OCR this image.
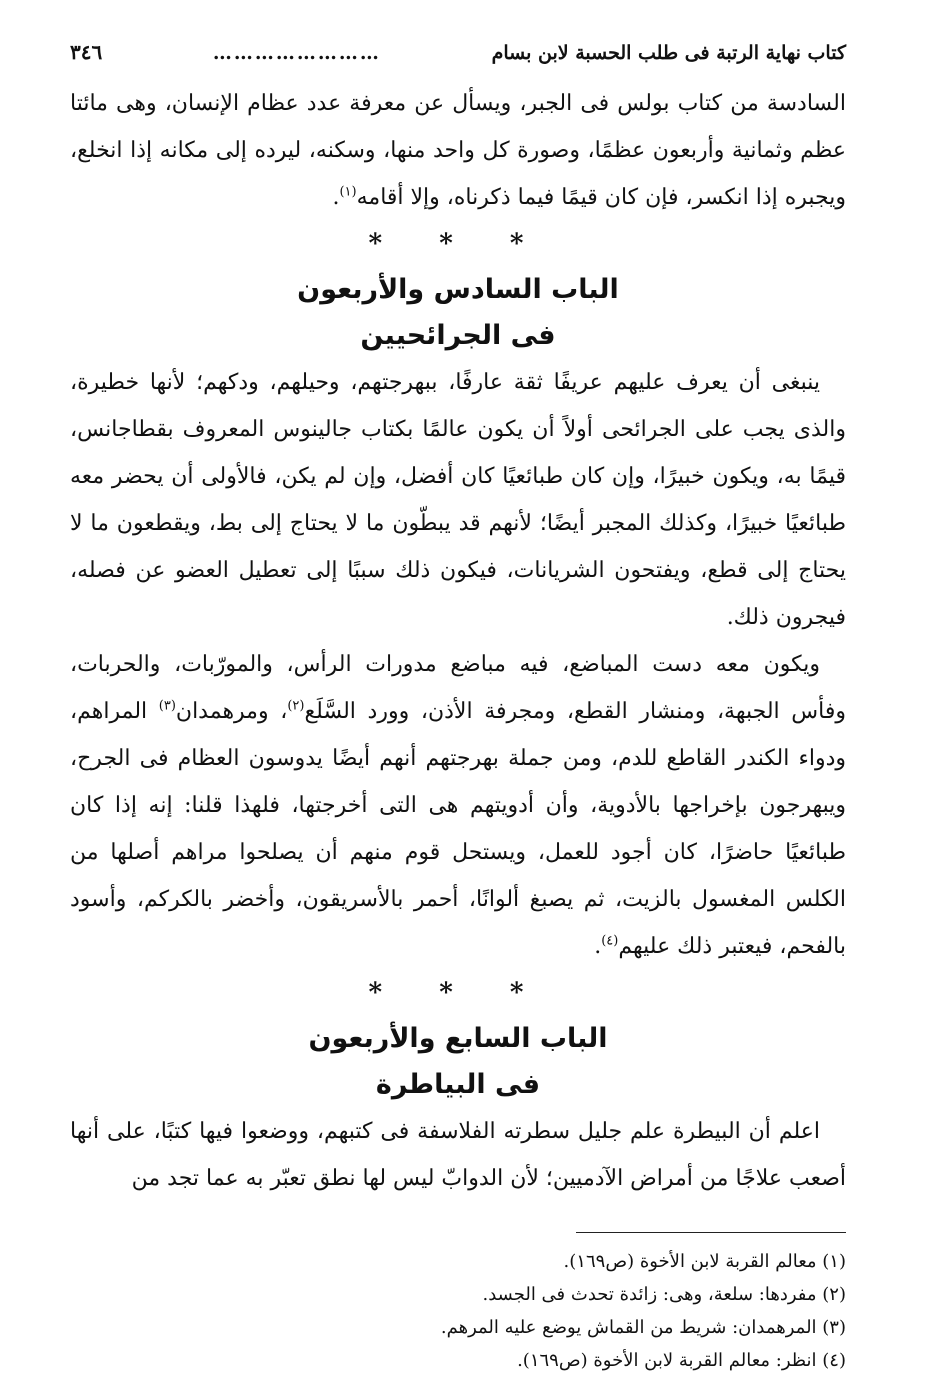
كتاب نهاية الرتبة فى طلب الحسبة لابن بسام
……………………
٣٤٦

السادسة من كتاب بولس فى الجبر، ويسأل عن معرفة عدد عظام الإنسان، وهى مائتا عظم وثمانية وأربعون عظمًا، وصورة كل واحد منها، وسكنه، ليرده إلى مكانه إذا انخلع، ويجبره إذا انكسر، فإن كان قيمًا فيما ذكرناه، وإلا أقامه$^{(١)}$.

* * *
الباب السادس والأربعون
فى الجرائحيين

ينبغى أن يعرف عليهم عريفًا ثقة عارفًا، ببهرجتهم، وحيلهم، ودكهم؛ لأنها خطيرة، والذى يجب على الجرائحى أولاً أن يكون عالمًا بكتاب جالينوس المعروف بقطاجانس، قيمًا به، ويكون خبيرًا، وإن كان طبائعيًا كان أفضل، وإن لم يكن، فالأولى أن يحضر معه طبائعيًا خبيرًا، وكذلك المجبر أيضًا؛ لأنهم قد يبطّون ما لا يحتاج إلى بط، ويقطعون ما لا يحتاج إلى قطع، ويفتحون الشريانات، فيكون ذلك سببًا إلى تعطيل العضو عن فصله، فيجرون ذلك.

ويكون معه دست المباضع، فيه مباضع مدورات الرأس، والمورّبات، والحربات، وفأس الجبهة، ومنشار القطع، ومجرفة الأذن، وورد السَّلَع$^{(٢)}$، ومرهمدان$^{(٣)}$ المراهم، ودواء الكندر القاطع للدم، ومن جملة بهرجتهم أنهم أيضًا يدوسون العظام فى الجرح، ويبهرجون بإخراجها بالأدوية، وأن أدويتهم هى التى أخرجتها، فلهذا قلنا: إنه إذا كان طبائعيًا حاضرًا، كان أجود للعمل، ويستحل قوم منهم أن يصلحوا مراهم أصلها من الكلس المغسول بالزيت، ثم يصبغ ألوانًا، أحمر بالأسريقون، وأخضر بالكركم، وأسود بالفحم، فيعتبر ذلك عليهم$^{(٤)}$.

* * *
الباب السابع والأربعون
فى البياطرة

اعلم أن البيطرة علم جليل سطرته الفلاسفة فى كتبهم، ووضعوا فيها كتبًا، على أنها أصعب علاجًا من أمراض الآدميين؛ لأن الدوابّ ليس لها نطق تعبّر به عما تجد من

(١) معالم القربة لابن الأخوة (ص١٦٩).
(٢) مفردها: سلعة، وهى: زائدة تحدث فى الجسد.
(٣) المرهمدان: شريط من القماش يوضع عليه المرهم.
(٤) انظر: معالم القربة لابن الأخوة (ص١٦٩).
